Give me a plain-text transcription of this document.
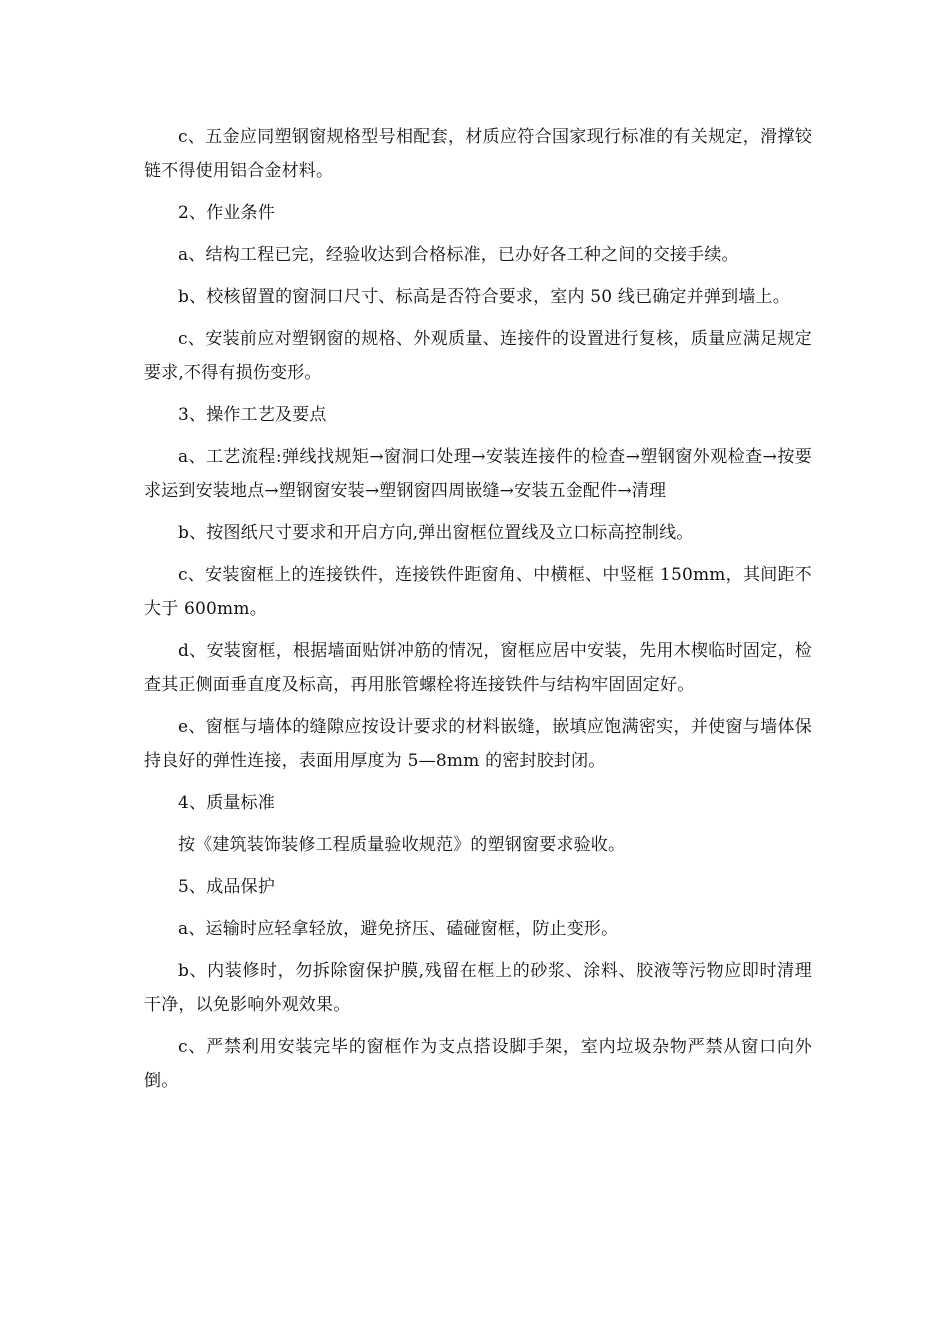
c、五金应同塑钢窗规格型号相配套，材质应符合国家现行标准的有关规定，滑撑铰链不得使用铝合金材料。

2、作业条件

a、结构工程已完，经验收达到合格标准，已办好各工种之间的交接手续。

b、校核留置的窗洞口尺寸、标高是否符合要求，室内 50 线已确定并弹到墙上。

c、安装前应对塑钢窗的规格、外观质量、连接件的设置进行复核，质量应满足规定要求,不得有损伤变形。

3、操作工艺及要点

a、工艺流程:弹线找规矩→窗洞口处理→安装连接件的检查→塑钢窗外观检查→按要求运到安装地点→塑钢窗安装→塑钢窗四周嵌缝→安装五金配件→清理

b、按图纸尺寸要求和开启方向,弹出窗框位置线及立口标高控制线。

c、安装窗框上的连接铁件，连接铁件距窗角、中横框、中竖框 150mm，其间距不大于 600mm。

d、安装窗框，根据墙面贴饼冲筋的情况，窗框应居中安装，先用木楔临时固定，检查其正侧面垂直度及标高，再用胀管螺栓将连接铁件与结构牢固固定好。

e、窗框与墙体的缝隙应按设计要求的材料嵌缝，嵌填应饱满密实，并使窗与墙体保持良好的弹性连接，表面用厚度为 5—8mm 的密封胶封闭。

4、质量标准

按《建筑装饰装修工程质量验收规范》的塑钢窗要求验收。

5、成品保护

a、运输时应轻拿轻放，避免挤压、磕碰窗框，防止变形。

b、内装修时，勿拆除窗保护膜,残留在框上的砂浆、涂料、胶液等污物应即时清理干净，以免影响外观效果。

c、严禁利用安装完毕的窗框作为支点搭设脚手架，室内垃圾杂物严禁从窗口向外倒。
